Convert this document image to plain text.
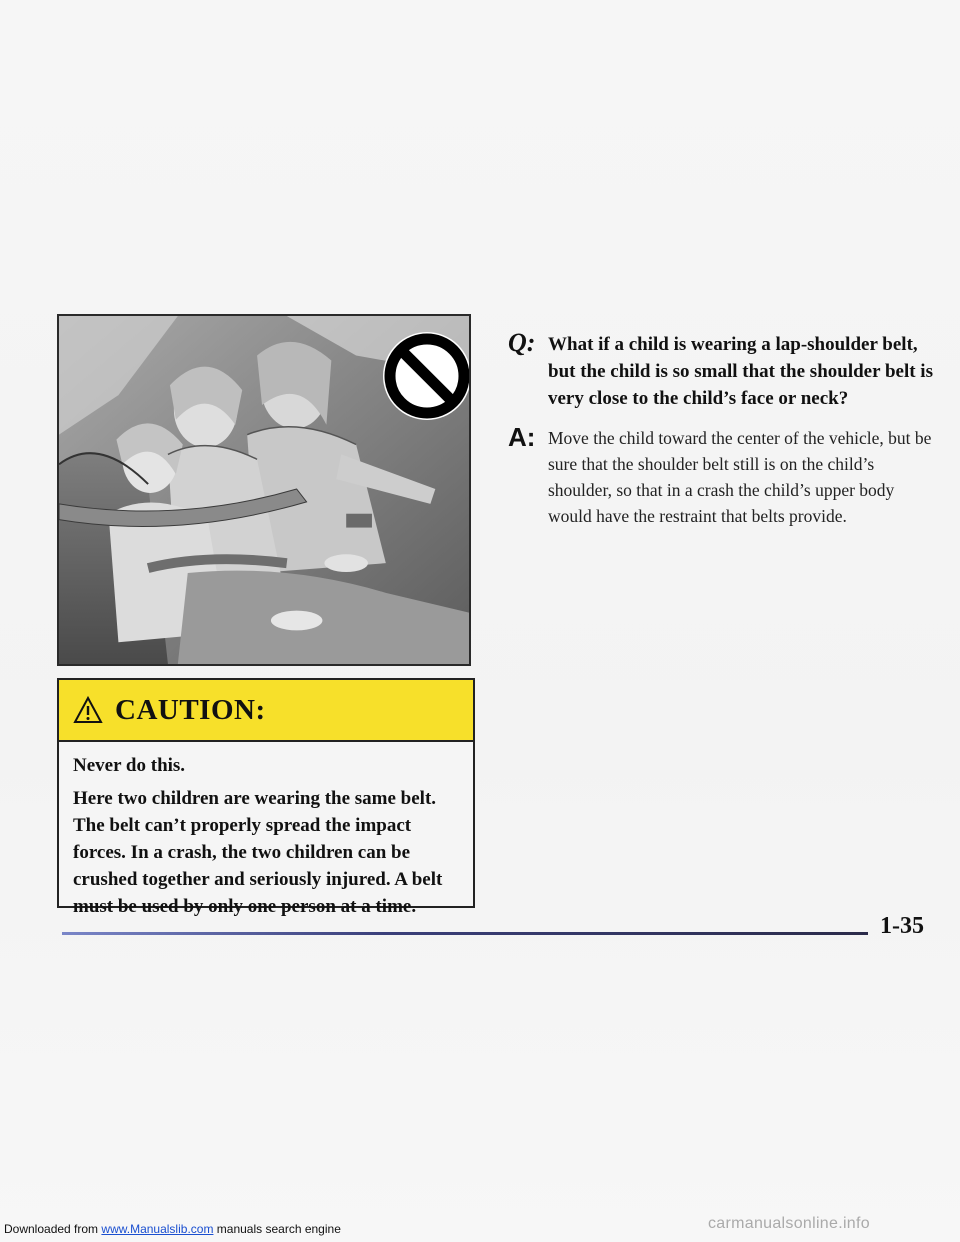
CAUTION:

Never do this.

Here two children are wearing the same belt. The belt can’t properly spread the impact forces. In a crash, the two children can be crushed together and seriously injured. A belt must be used by only one person at a time.

Q: What if a child is wearing a lap-shoulder belt, but the child is so small that the shoulder belt is very close to the child’s face or neck?
A: Move the child toward the center of the vehicle, but be sure that the shoulder belt still is on the child’s shoulder, so that in a crash the child’s upper body would have the restraint that belts provide.
1-35
Downloaded from www.Manualslib.com manuals search engine	carmanualsonline.info
